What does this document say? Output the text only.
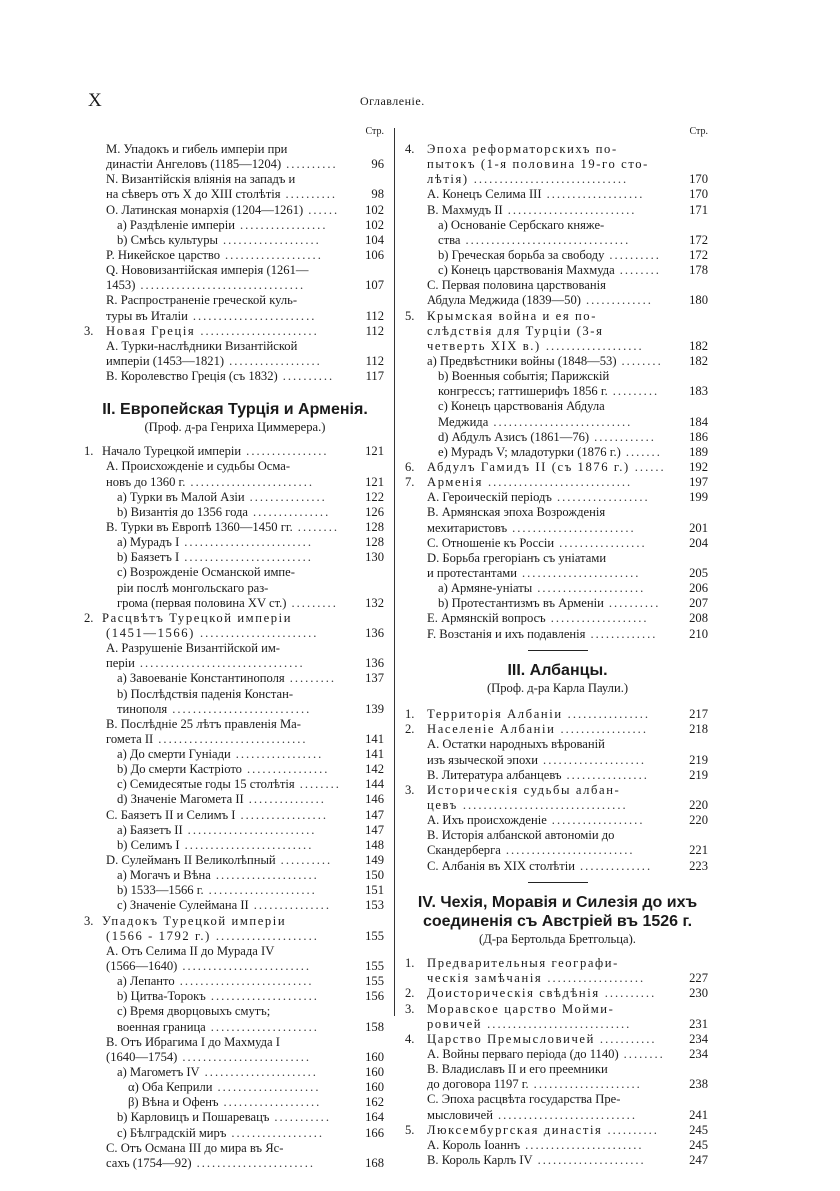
X	Оглавленіе.
Стр.
M. Упадокъ и гибель имперіи при
династіи Ангеловъ (1185—1204)	96
..........
N. Византійскія вліянія на западъ и
на сѣверъ отъ X до XIII столѣтія	98
..........
O. Латинская монархія (1204—1261)	102
......
a) Раздѣленіе имперіи	102
.................
b) Смѣсь культуры	104
...................
P. Никейское царство	106
...................
Q. Нововизантійская имперія (1261—
1453)	107
................................
R. Распространеніе греческой куль-
туры въ Италіи	112
........................
3. Новая Греція	112
.......................
A. Турки-наслѣдники Византійской
имперіи (1453—1821)	112
..................
B. Королевство Греція (съ 1832)	117
..........
II. Европейская Турція и Арменія.
(Проф. д-ра Генриха Циммерера.)
1. Начало Турецкой имперіи	121
................
A. Происхожденіе и судьбы Осма-
новъ до 1360 г.	121
........................
a) Турки въ Малой Азіи	122
...............
b) Византія до 1356 года	126
...............
B. Турки въ Европѣ 1360—1450 гг.	128
........
a) Мурадъ I	128
.........................
b) Баязетъ I	130
.........................
c) Возрожденіе Османской импе-
ріи послѣ монгольскаго раз-
грома (первая половина XV ст.)	132
.........
2. Расцвѣтъ Турецкой имперіи
(1451—1566)	136
.......................
A. Разрушеніе Византійской им-
періи	136
................................
a) Завоеваніе Константинополя	137
.........
b) Послѣдствія паденія Констан-
тинополя	139
...........................
B. Послѣдніе 25 лѣтъ правленія Ма-
гомета II	141
.............................
a) До смерти Гуніади	141
.................
b) До смерти Кастріото	142
................
c) Семидесятые годы 15 столѣтія	144
........
d) Значеніе Магомета II	146
...............
C. Баязетъ II и Селимъ I	147
.................
a) Баязетъ II	147
.........................
b) Селимъ I	148
.........................
D. Сулейманъ II Великолѣпный	149
..........
a) Могачъ и Вѣна	150
....................
b) 1533—1566 г.	151
.....................
c) Значеніе Сулеймана II	153
...............
3. Упадокъ Турецкой имперіи
(1566 - 1792 г.)	155
....................
A. Отъ Селима II до Мурада IV
(1566—1640)	155
.........................
a) Лепанто	155
..........................
b) Цитва-Торокъ	156
.....................
c) Время дворцовыхъ смутъ;
военная граница	158
.....................
B. Отъ Ибрагима I до Махмуда I
(1640—1754)	160
.........................
a) Магометъ IV	160
......................
α) Оба Кеприли	160
....................
β) Вѣна и Офенъ	162
...................
b) Карловицъ и Пошаревацъ	164
...........
c) Бѣлградскій миръ	166
..................
C. Отъ Османа III до мира въ Яс-
сахъ (1754—92)	168
.......................
Стр.
4. Эпоха реформаторскихъ по-
пытокъ (1-я половина 19-го сто-
лѣтія)	170
..............................
A. Конецъ Селима III	170
...................
B. Махмудъ II	171
.........................
a) Основаніе Сербскаго княже-
ства	172
................................
b) Греческая борьба за свободу	172
..........
c) Конецъ царствованія Махмуда	178
........
C. Первая половина царствованія
Абдула Меджида (1839—50)	180
.............
5. Крымская война и ея по-
слѣдствія для Турціи (3-я
четверть XIX в.)	182
...................
a) Предвѣстники войны (1848—53)	182
........
b) Военныя событія; Парижскій
конгрессъ; гаттишерифъ 1856 г.	183
.........
c) Конецъ царствованія Абдула
Меджида	184
...........................
d) Абдулъ Азисъ (1861—76)	186
............
e) Мурадъ V; младотурки (1876 г.)	189
.......
6. Абдулъ Гамидъ II (съ 1876 г.)	192
......
7. Арменія	197
............................
A. Героическій періодъ	199
..................
B. Армянская эпоха Возрожденія
мехитаристовъ	201
........................
C. Отношеніе къ Россіи	204
.................
D. Борьба грегоріанъ съ уніатами
и протестантами	205
.......................
a) Армяне-уніаты	206
.....................
b) Протестантизмъ въ Арменіи	207
..........
E. Армянскій вопросъ	208
...................
F. Возстанія и ихъ подавленія	210
.............
III. Албанцы.
(Проф. д-ра Карла Паули.)
1. Территорія Албаніи	217
................
2. Населеніе Албаніи	218
.................
A. Остатки народныхъ вѣрованій
изъ языческой эпохи	219
....................
B. Литература албанцевъ	219
................
3. Историческія судьбы албан-
цевъ	220
................................
A. Ихъ происхожденіе	220
..................
B. Исторія албанской автономіи до
Скандерберга	221
.........................
C. Албанія въ XIX столѣтіи	223
..............
IV. Чехія, Моравія и Силезія до ихъ
соединенія съ Австріей въ 1526 г.
(Д-ра Бертольда Бретгольца).
1. Предварительныя географи-
ческія замѣчанія	227
...................
2. Доисторическія свѣдѣнія	230
..........
3. Моравское царство Мойми-
ровичей	231
............................
4. Царство Премысловичей	234
...........
A. Войны перваго періода (до 1140)	234
........
B. Владиславъ II и его преемники
до договора 1197 г.	238
.....................
C. Эпоха расцвѣта государства Пре-
мысловичей	241
...........................
5. Люксембургская династія	245
..........
A. Король Іоаннъ	245
.......................
B. Король Карлъ IV	247
.....................
